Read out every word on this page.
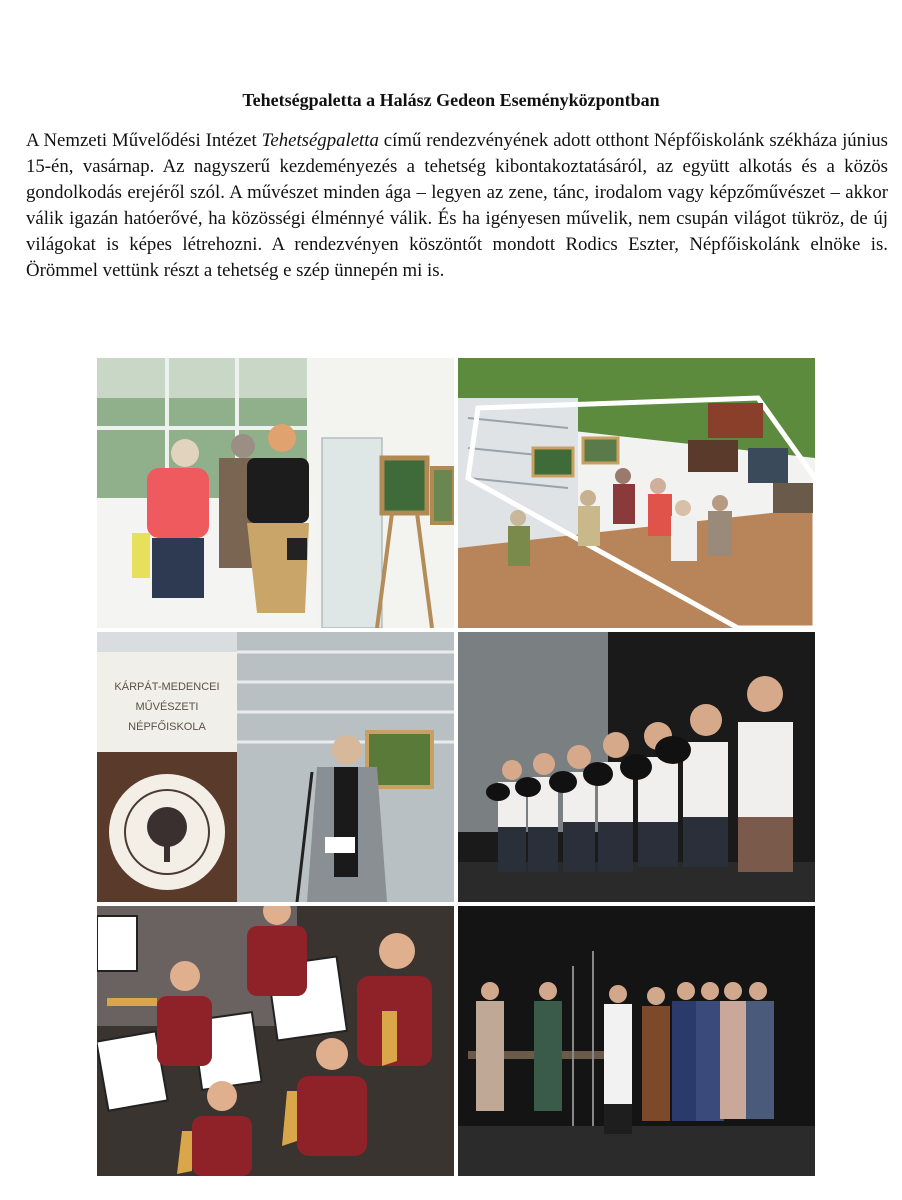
Tehetségpaletta a Halász Gedeon Eseményközpontban

A Nemzeti Művelődési Intézet Tehetségpaletta című rendezvényének adott otthont Népfőiskolánk székháza június 15-én, vasárnap. Az nagyszerű kezdeményezés a tehetség kibontakoztatásáról, az együtt alkotás és a közös gondolkodás erejéről szól. A művészet minden ága – legyen az zene, tánc, irodalom vagy képzőművészet – akkor válik igazán hatóerővé, ha közösségi élménnyé válik. És ha igényesen művelik, nem csupán világot tükröz, de új világokat is képes létrehozni. A rendezvényen köszöntőt mondott Rodics Eszter, Népfőiskolánk elnöke is. Örömmel vettünk részt a tehetség e szép ünnepén mi is.

KÁRPÁT-MEDENCEI
MŰVÉSZETI
NÉPFŐISKOLA
